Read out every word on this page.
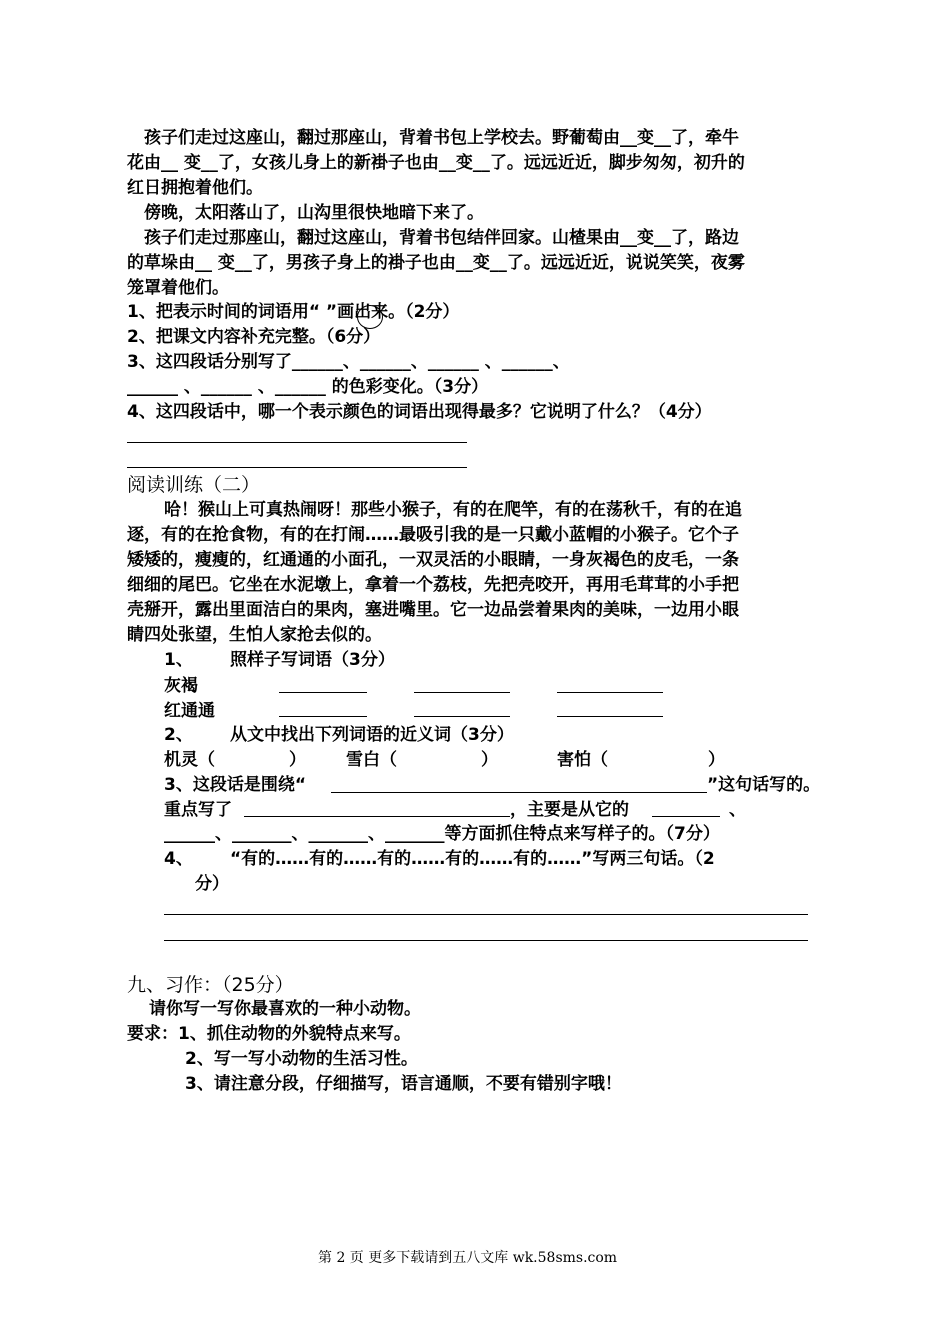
孩子们走过这座山，翻过那座山，背着书包上学校去。野葡萄由__变__了，牵牛
花由__ 变__了，女孩儿身上的新褂子也由__变__了。远远近近，脚步匆匆，初升的
红日拥抱着他们。
傍晚，太阳落山了，山沟里很快地暗下来了。
孩子们走过那座山，翻过这座山，背着书包结伴回家。山楂果由__变__了，路边
的草垛由__ 变__了，男孩子身上的褂子也由__变__了。远远近近，说说笑笑，夜雾
笼罩着他们。
1、把表示时间的词语用“ ”画出来。（2分）
2、把课文内容补充完整。（6分）
3、这四段话分别写了______、______、______ 、______、
______ 、______ 、______ 的色彩变化。（3分）
4、这四段话中，哪一个表示颜色的词语出现得最多？它说明了什么？（4分）
阅读训练（二）
哈！猴山上可真热闹呀！那些小猴子，有的在爬竿，有的在荡秋千，有的在追
逐，有的在抢食物，有的在打闹……最吸引我的是一只戴小蓝帽的小猴子。它个子
矮矮的，瘦瘦的，红通通的小面孔，一双灵活的小眼睛，一身灰褐色的皮毛，一条
细细的尾巴。它坐在水泥墩上，拿着一个荔枝，先把壳咬开，再用毛茸茸的小手把
壳掰开，露出里面洁白的果肉，塞进嘴里。它一边品尝着果肉的美味，一边用小眼
睛四处张望，生怕人家抢去似的。
1、 照样子写词语（3分）
灰褐
红通通
2、 从文中找出下列词语的近义词（3分）
机灵（	） 雪白（	）	害怕（	）
3、这段话是围绕“	”这句话写的。
重点写了	，主要是从它的	、
______、_______、_______、_______等方面抓住特点来写样子的。（7分）
4、 “有的……有的……有的……有的……有的……”写两三句话。（2
分）
九、习作：（25分）
请你写一写你最喜欢的一种小动物。
要求：1、抓住动物的外貌特点来写。
2、写一写小动物的生活习性。
3、请注意分段，仔细描写，语言通顺，不要有错别字哦！
第 2 页 更多下载请到五八文库 wk.58sms.com
